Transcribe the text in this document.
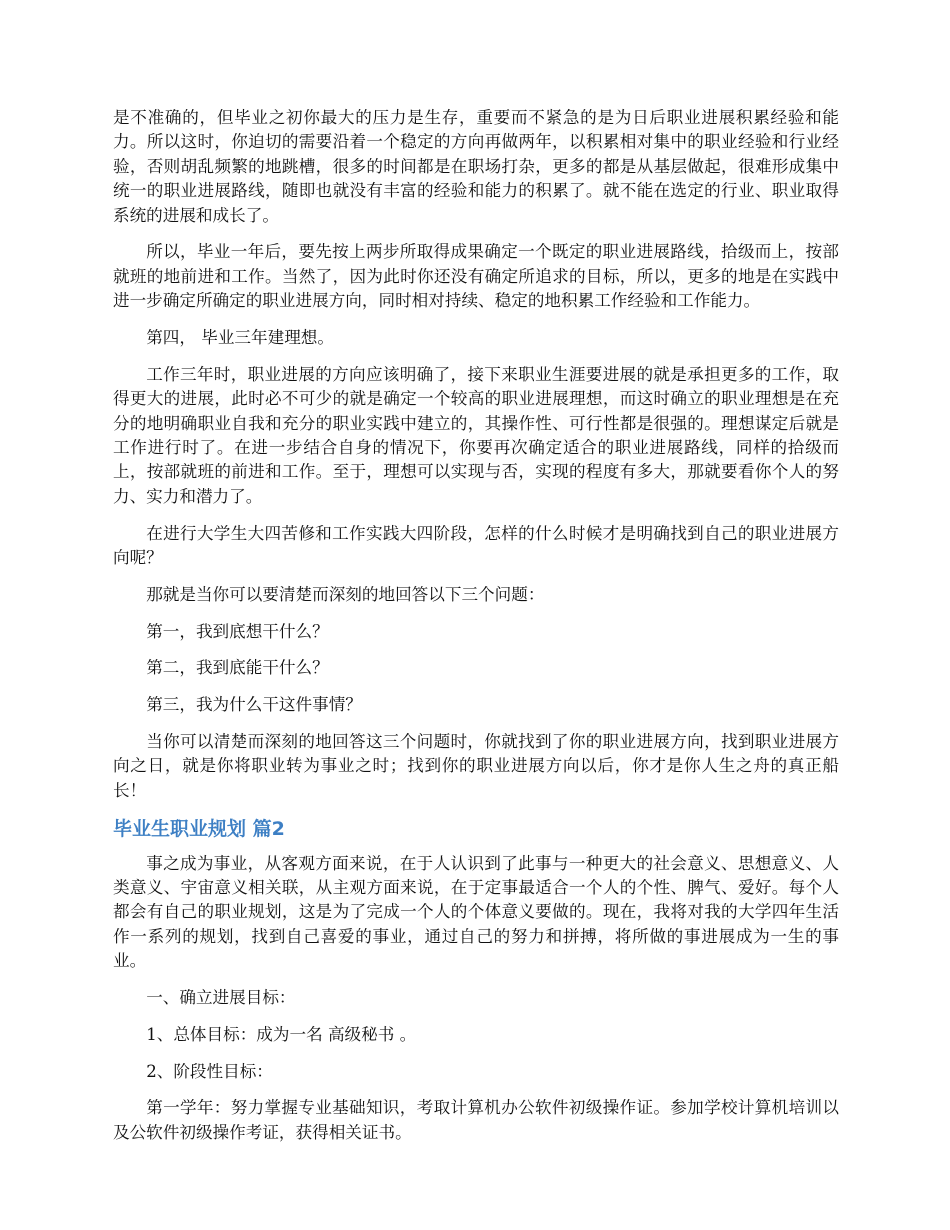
是不准确的，但毕业之初你最大的压力是生存，重要而不紧急的是为日后职业进展积累经验和能力。所以这时，你迫切的需要沿着一个稳定的方向再做两年，以积累相对集中的职业经验和行业经验，否则胡乱频繁的地跳槽，很多的时间都是在职场打杂，更多的都是从基层做起，很难形成集中统一的职业进展路线，随即也就没有丰富的经验和能力的积累了。就不能在选定的行业、职业取得系统的进展和成长了。

所以，毕业一年后，要先按上两步所取得成果确定一个既定的职业进展路线，拾级而上，按部就班的地前进和工作。当然了，因为此时你还没有确定所追求的目标，所以，更多的地是在实践中进一步确定所确定的职业进展方向，同时相对持续、稳定的地积累工作经验和工作能力。

第四， 毕业三年建理想。

工作三年时，职业进展的方向应该明确了，接下来职业生涯要进展的就是承担更多的工作，取得更大的进展，此时必不可少的就是确定一个较高的职业进展理想，而这时确立的职业理想是在充分的地明确职业自我和充分的职业实践中建立的，其操作性、可行性都是很强的。理想谋定后就是工作进行时了。在进一步结合自身的情况下，你要再次确定适合的职业进展路线，同样的拾级而上，按部就班的前进和工作。至于，理想可以实现与否，实现的程度有多大，那就要看你个人的努力、实力和潜力了。

在进行大学生大四苦修和工作实践大四阶段，怎样的什么时候才是明确找到自己的职业进展方向呢？

那就是当你可以要清楚而深刻的地回答以下三个问题：

第一，我到底想干什么？

第二，我到底能干什么？

第三，我为什么干这件事情？

当你可以清楚而深刻的地回答这三个问题时，你就找到了你的职业进展方向，找到职业进展方向之日，就是你将职业转为事业之时；找到你的职业进展方向以后，你才是你人生之舟的真正船长！

毕业生职业规划 篇2

事之成为事业，从客观方面来说，在于人认识到了此事与一种更大的社会意义、思想意义、人类意义、宇宙意义相关联，从主观方面来说，在于定事最适合一个人的个性、脾气、爱好。每个人都会有自己的职业规划，这是为了完成一个人的个体意义要做的。现在，我将对我的大学四年生活作一系列的规划，找到自己喜爱的事业，通过自己的努力和拼搏，将所做的事进展成为一生的事业。

一、确立进展目标：

1、总体目标：成为一名 高级秘书 。

2、阶段性目标：

第一学年：努力掌握专业基础知识，考取计算机办公软件初级操作证。参加学校计算机培训以及公软件初级操作考证，获得相关证书。
